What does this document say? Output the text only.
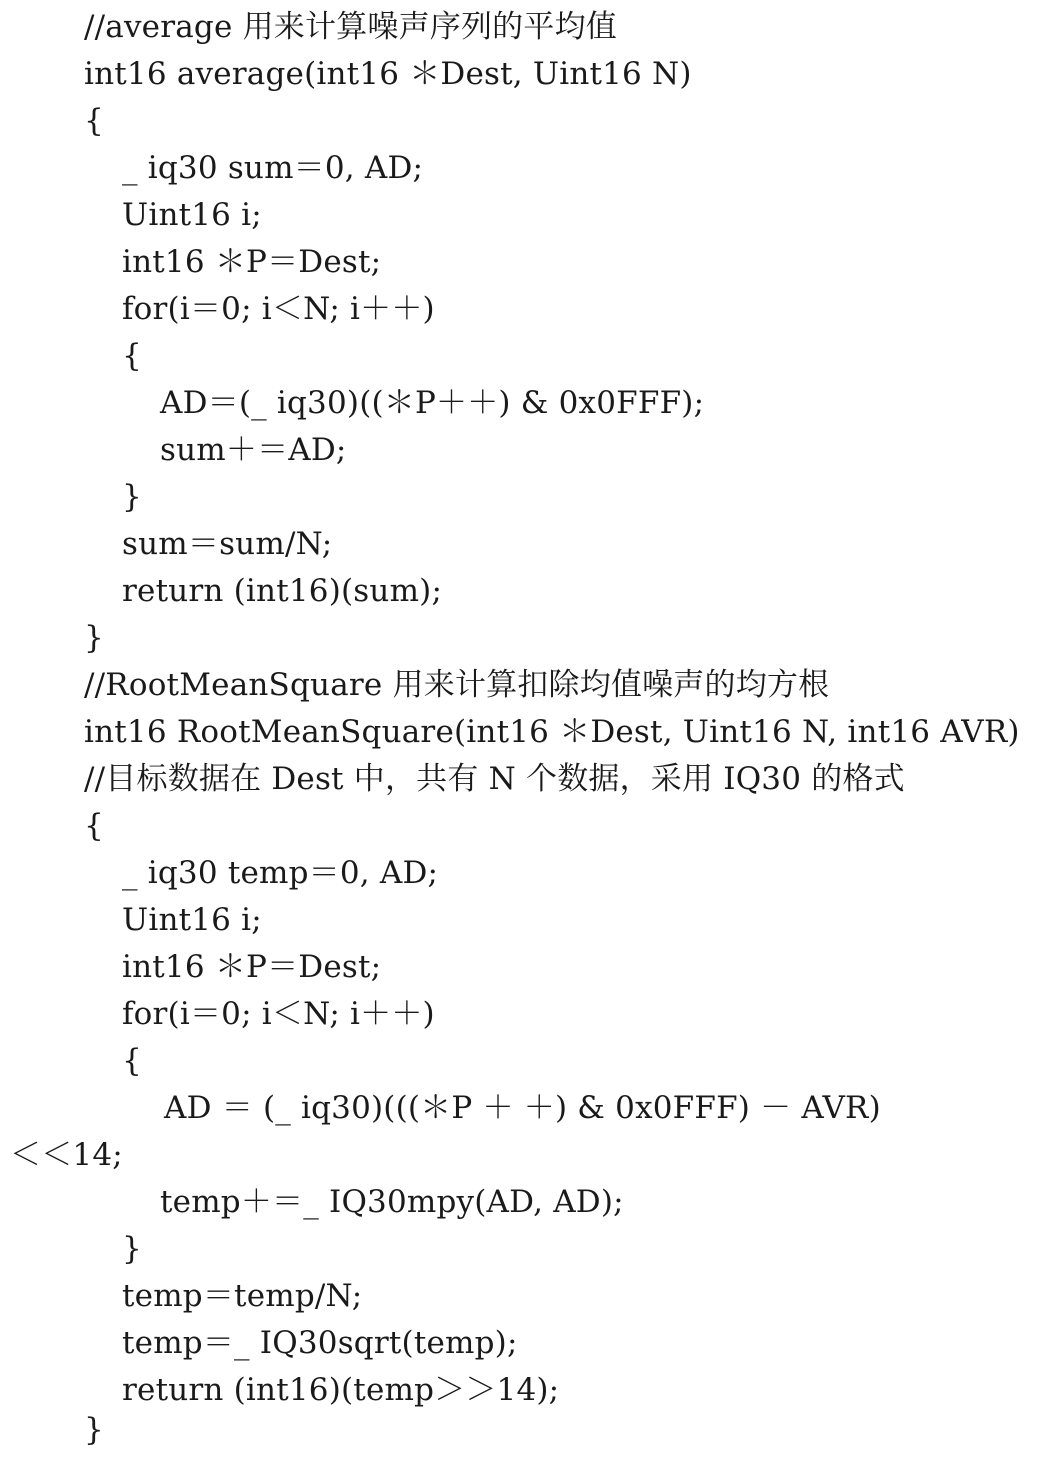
//average 用来计算噪声序列的平均值
int16 average(int16 ＊Dest, Uint16 N)
{
_ iq30 sum＝0, AD;
Uint16 i;
int16 ＊P＝Dest;
for(i＝0; i＜N; i＋＋)
{
AD＝(_ iq30)((＊P＋＋) & 0x0FFF);
sum＋＝AD;
}
sum＝sum/N;
return (int16)(sum);
}
//RootMeanSquare 用来计算扣除均值噪声的均方根
int16 RootMeanSquare(int16 ＊Dest, Uint16 N, int16 AVR)
//目标数据在 Dest 中，共有 N 个数据，采用 IQ30 的格式
{
_ iq30 temp＝0, AD;
Uint16 i;
int16 ＊P＝Dest;
for(i＝0; i＜N; i＋＋)
{
AD ＝ (_ iq30)(((＊P ＋ ＋) & 0x0FFF) － AVR)
＜＜14;
temp＋＝_ IQ30mpy(AD, AD);
}
temp＝temp/N;
temp＝_ IQ30sqrt(temp);
return (int16)(temp＞＞14);
}
